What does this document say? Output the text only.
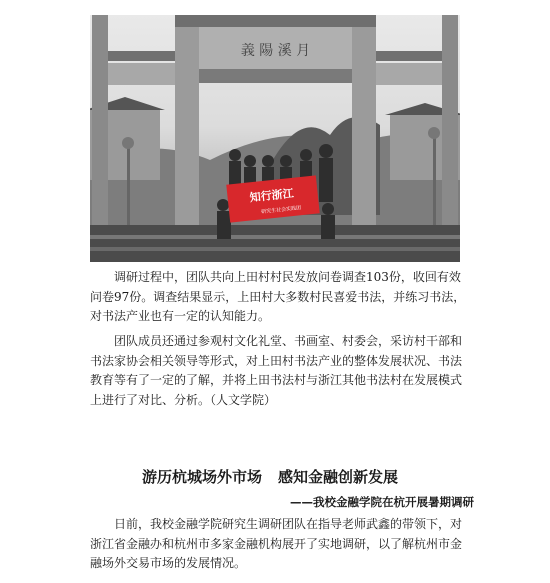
義 陽 溪 月
知行浙江
研究生社会实践团

调研过程中，团队共向上田村村民发放问卷调查103份，收回有效问卷97份。调查结果显示，上田村大多数村民喜爱书法，并练习书法，对书法产业也有一定的认知能力。

团队成员还通过参观村文化礼堂、书画室、村委会，采访村干部和书法家协会相关领导等形式，对上田村书法产业的整体发展状况、书法教育等有了一定的了解，并将上田书法村与浙江其他书法村在发展模式上进行了对比、分析。（人文学院）

游历杭城场外市场 感知金融创新发展

——我校金融学院在杭开展暑期调研

日前，我校金融学院研究生调研团队在指导老师武鑫的带领下，对浙江省金融办和杭州市多家金融机构展开了实地调研，以了解杭州市金融场外交易市场的发展情况。
